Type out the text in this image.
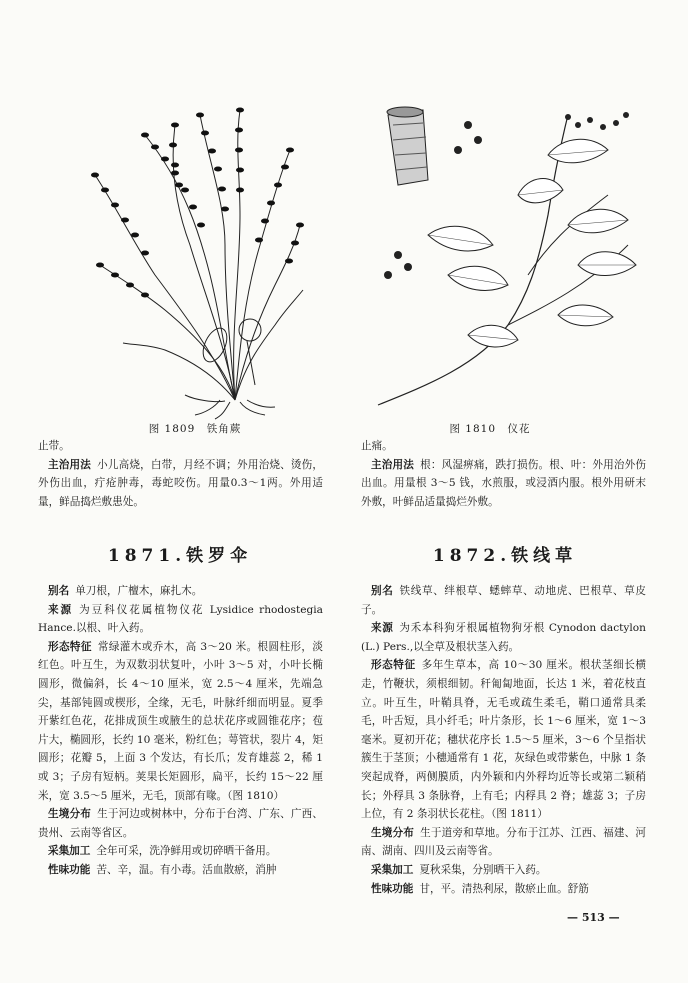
图 1809　铁角蕨	图 1810　仪花

止带。

主治用法 小儿高烧，白带，月经不调；外用治烧、烫伤，外伤出血，疔疮肿毒，毒蛇咬伤。用量0.3～1两。外用适量，鲜品捣烂敷患处。

止痛。

主治用法 根：风湿痹痛，跌打损伤。根、叶：外用治外伤出血。用量根 3～5 钱，水煎服，或浸酒内服。根外用研末外敷，叶鲜品适量捣烂外敷。

1871.铁罗伞	1872.铁线草

别名 单刀根，广檀木，麻扎木。

来源 为豆科仪花属植物仪花 Lysidice rhodostegia Hance.以根、叶入药。

形态特征 常绿灌木或乔木，高 3～20 米。根圆柱形，淡红色。叶互生，为双数羽状复叶，小叶 3～5 对，小叶长椭圆形，微偏斜，长 4～10 厘米，宽 2.5～4 厘米，先端急尖，基部钝圆或楔形，全缘，无毛，叶脉纤细而明显。夏季开紫红色花，花排成顶生或腋生的总状花序或圆锥花序；苞片大，椭圆形，长约 10 毫米，粉红色；萼管状，裂片 4，矩圆形；花瓣 5，上面 3 个发达，有长爪；发育雄蕊 2，稀 1 或 3；子房有短柄。荚果长矩圆形，扁平，长约 15～22 厘米，宽 3.5～5 厘米，无毛，顶部有喙。（图 1810）

生境分布 生于河边或树林中，分布于台湾、广东、广西、贵州、云南等省区。

采集加工 全年可采，洗净鲜用或切碎晒干备用。

性味功能 苦、辛，温。有小毒。活血散瘀，消肿

别名 铁线草、绊根草、蟋蟀草、动地虎、巴根草、草皮子。

来源 为禾本科狗牙根属植物狗牙根 Cynodon dactylon (L.) Pers.,以全草及根状茎入药。

形态特征 多年生草本，高 10～30 厘米。根状茎细长横走，竹鞭状，须根细韧。秆匍匐地面，长达 1 米，着花枝直立。叶互生，叶鞘具脊，无毛或疏生柔毛，鞘口通常具柔毛，叶舌短，具小纤毛；叶片条形，长 1～6 厘米，宽 1～3 毫米。夏初开花；穗状花序长 1.5～5 厘米，3～6 个呈指状簇生于茎顶；小穗通常有 1 花，灰绿色或带紫色，中脉 1 条突起成脊，两侧膜质，内外颖和内外稃均近等长或第二颖稍长；外稃具 3 条脉脊，上有毛；内稃具 2 脊；雄蕊 3；子房上位，有 2 条羽状长花柱。（图 1811）

生境分布 生于道旁和草地。分布于江苏、江西、福建、河南、湖南、四川及云南等省。

采集加工 夏秋采集，分别晒干入药。

性味功能 甘，平。清热利尿，散瘀止血。舒筋

— 513 —
